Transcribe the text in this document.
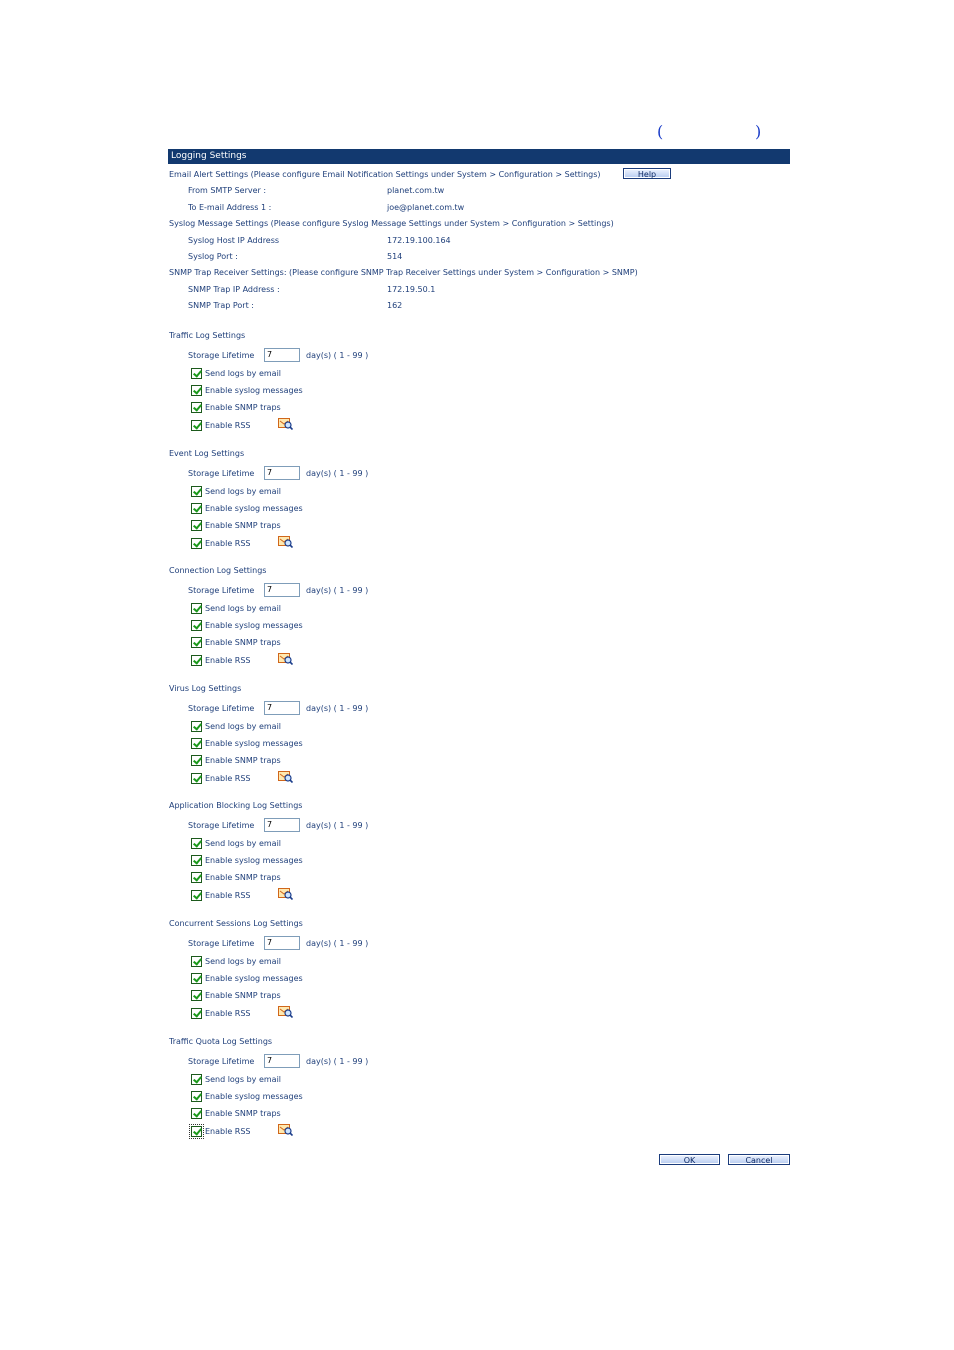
(	)
Logging Settings
Email Alert Settings (Please configure Email Notification Settings under System > Configuration > Settings)	Help
From SMTP Server :	planet.com.tw
To E-mail Address 1 :	joe@planet.com.tw
Syslog Message Settings (Please configure Syslog Message Settings under System > Configuration > Settings)
Syslog Host IP Address	172.19.100.164
Syslog Port :	514
SNMP Trap Receiver Settings: (Please configure SNMP Trap Receiver Settings under System > Configuration > SNMP)
SNMP Trap IP Address :	172.19.50.1
SNMP Trap Port :	162
Traffic Log Settings
Storage Lifetime	7	day(s) ( 1 - 99 )
Send logs by email
Enable syslog messages
Enable SNMP traps
Enable RSS
Event Log Settings
Storage Lifetime	7	day(s) ( 1 - 99 )
Send logs by email
Enable syslog messages
Enable SNMP traps
Enable RSS
Connection Log Settings
Storage Lifetime	7	day(s) ( 1 - 99 )
Send logs by email
Enable syslog messages
Enable SNMP traps
Enable RSS
Virus Log Settings
Storage Lifetime	7	day(s) ( 1 - 99 )
Send logs by email
Enable syslog messages
Enable SNMP traps
Enable RSS
Application Blocking Log Settings
Storage Lifetime	7	day(s) ( 1 - 99 )
Send logs by email
Enable syslog messages
Enable SNMP traps
Enable RSS
Concurrent Sessions Log Settings
Storage Lifetime	7	day(s) ( 1 - 99 )
Send logs by email
Enable syslog messages
Enable SNMP traps
Enable RSS
Traffic Quota Log Settings
Storage Lifetime	7	day(s) ( 1 - 99 )
Send logs by email
Enable syslog messages
Enable SNMP traps
Enable RSS
OK	Cancel
